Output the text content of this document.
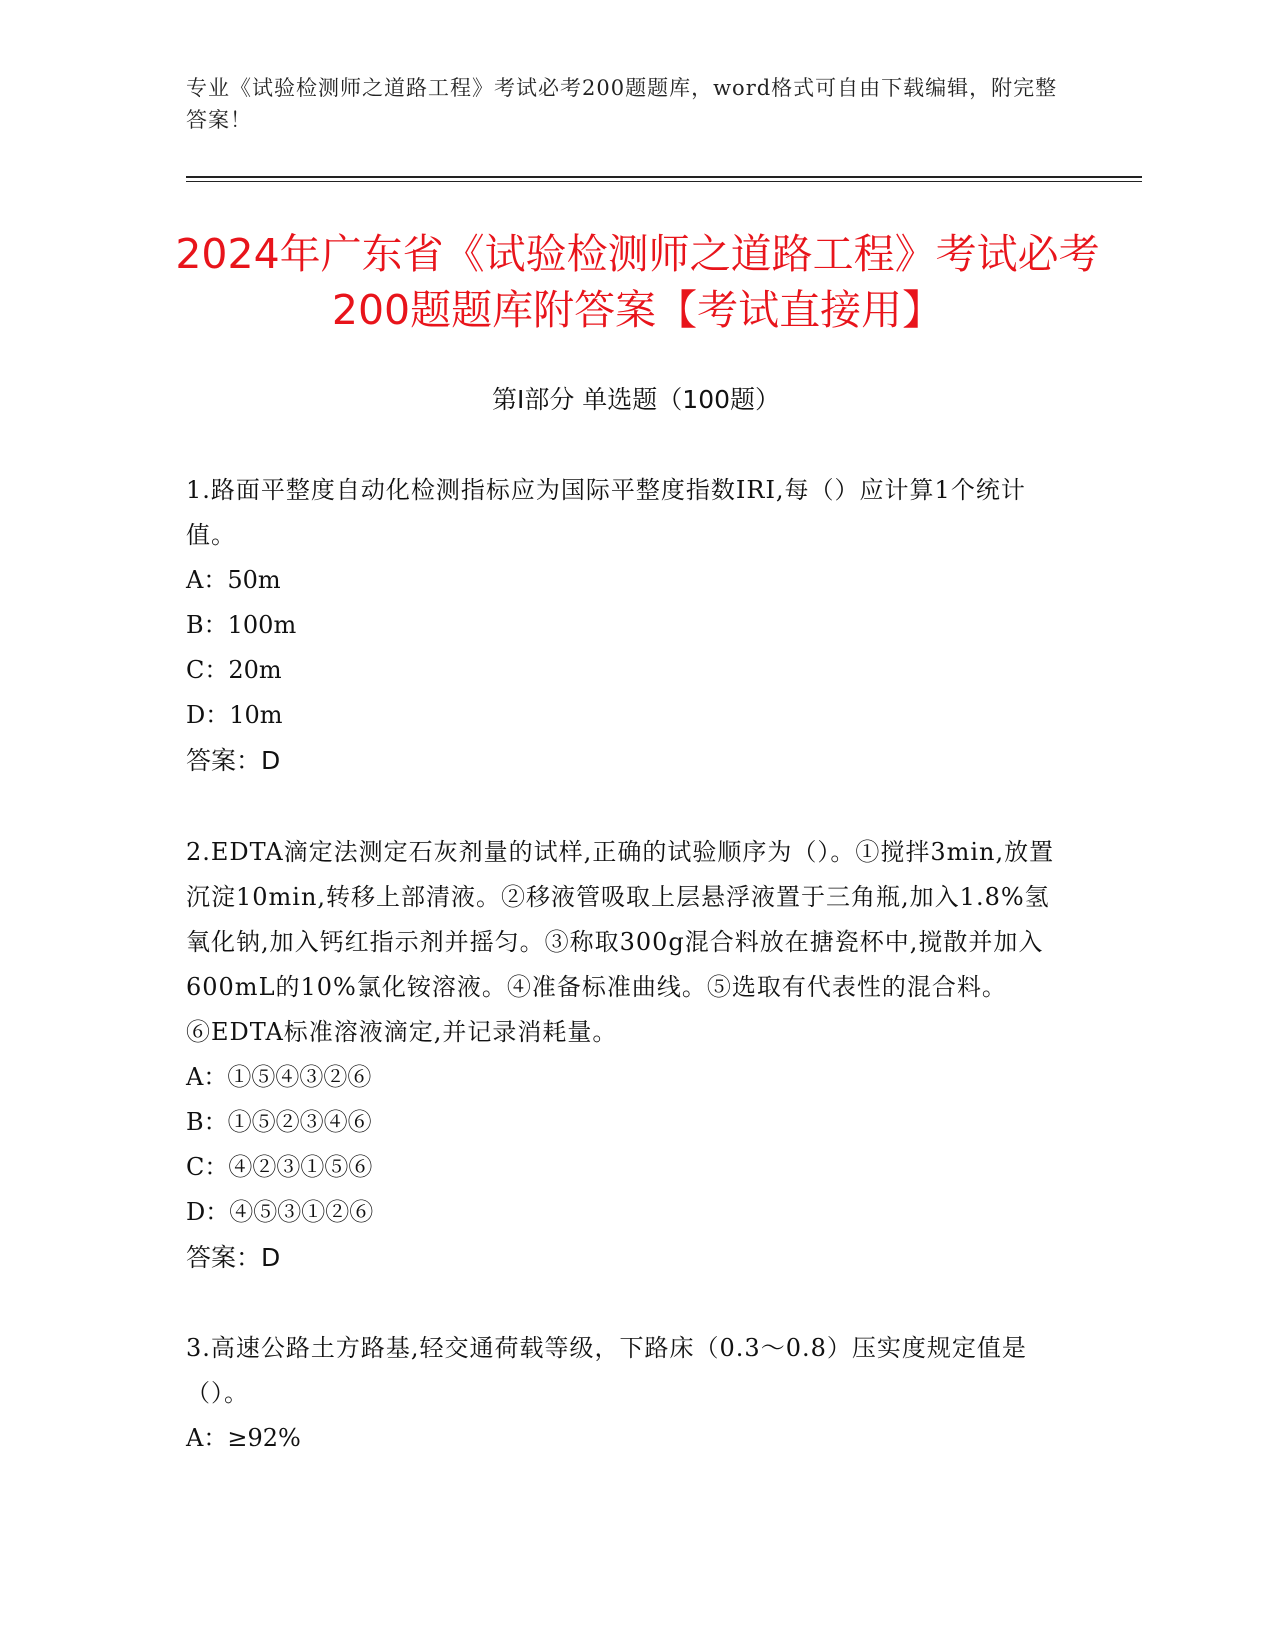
专业《试验检测师之道路工程》考试必考200题题库，word格式可自由下载编辑，附完整答案！
2024年广东省《试验检测师之道路工程》考试必考200题题库附答案【考试直接用】
第Ⅰ部分 单选题（100题）

1.路面平整度自动化检测指标应为国际平整度指数IRI,每（）应计算1个统计值。

A：50m

B：100m

C：20m

D：10m

答案：D

2.EDTA滴定法测定石灰剂量的试样,正确的试验顺序为（）。①搅拌3min,放置沉淀10min,转移上部清液。②移液管吸取上层悬浮液置于三角瓶,加入1.8%氢氧化钠,加入钙红指示剂并摇匀。③称取300g混合料放在搪瓷杯中,搅散并加入600mL的10%氯化铵溶液。④准备标准曲线。⑤选取有代表性的混合料。⑥EDTA标准溶液滴定,并记录消耗量。

A：①⑤④③②⑥

B：①⑤②③④⑥

C：④②③①⑤⑥

D：④⑤③①②⑥

答案：D

3.高速公路土方路基,轻交通荷载等级，下路床（0.3～0.8）压实度规定值是（）。

A：≥92%
